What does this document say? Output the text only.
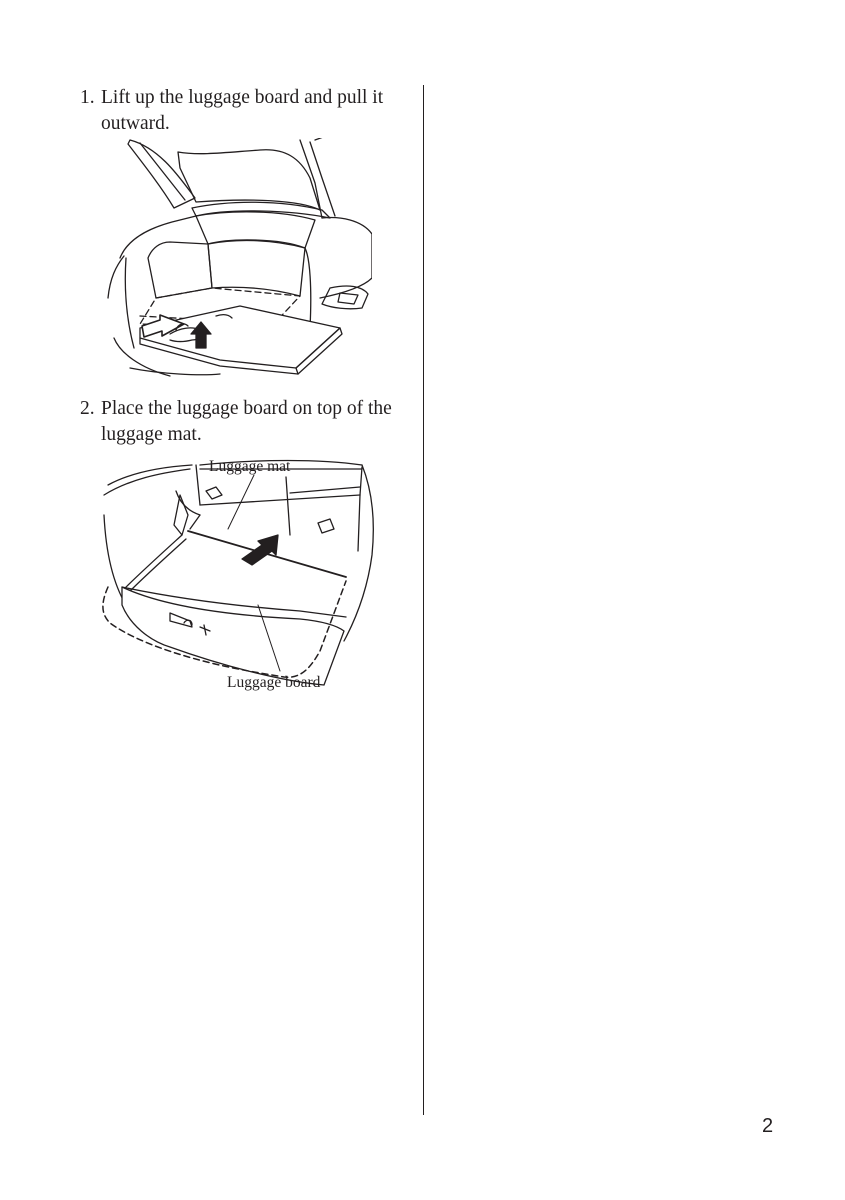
1. Lift up the luggage board and pull it outward.
2. Place the luggage board on top of the luggage mat.
Luggage mat
Luggage board
2
